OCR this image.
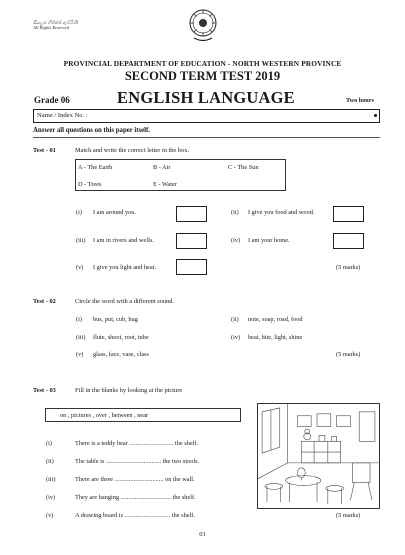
සියලුම හිමිකම් ඇවිරිණි
All Rights Reserved
PROVINCIAL DEPARTMENT OF EDUCATION - NORTH WESTERN PROVINCE
SECOND TERM TEST 2019
Grade 06	ENGLISH LANGUAGE	Two hours
Name / Index No. :
Answer all questions on this paper itself.
Test - 01	Match and write the correct letter in the box.
A - The Earth	B - Air	C - The Sun
D - Trees	E - Water
(i) I am around you.	(ii) I give you food and wood.
(iii) I am in rivers and wells.	(iv) I am your home.
(v) I give you light and heat.	(5 marks)
Test - 02	Circle the word with a different sound.
(i) bus, put, cub, hug	(ii) note, soap, road, food
(iii) flute, shoot, root, tube	(iv) beat, bite, light, shine
(v) glass, face, vase, class	(5 marks)
Test - 03	Fill in the blanks by looking at the picture
on , pictures , over , between , near
(i)	There is a teddy bear ............................ the shelf.
(ii)	The table is ................................... the two stools.
(iii)	There are three ............................... on the wall.
(iv)	They are hanging ................................ the shelf.
(v)	A drawing board is ............................. the shelf.	(5 marks)
01
